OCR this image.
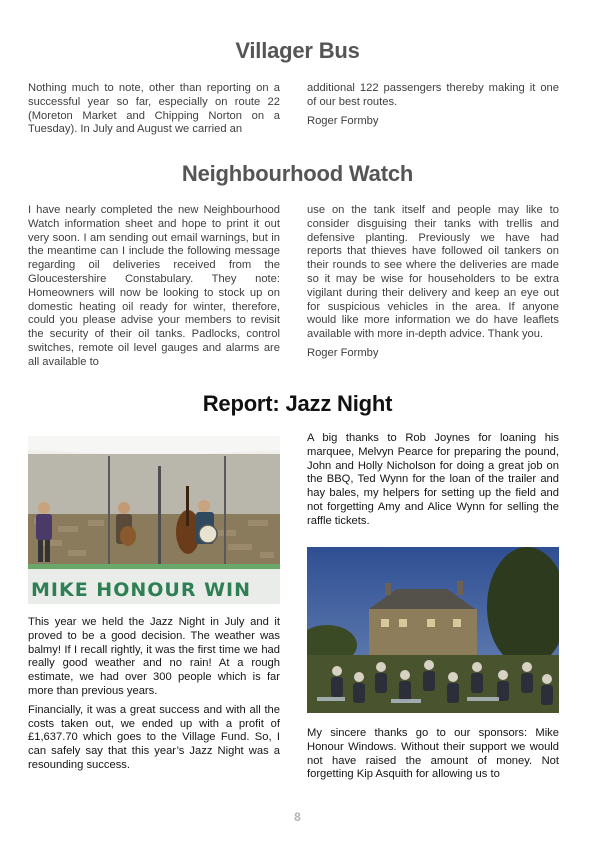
Villager Bus

Nothing much to note, other than reporting on a successful year so far, especially on route 22 (Moreton Market and Chipping Norton on a Tuesday). In July and August we carried an

additional 122 passengers thereby making it one of our best routes.

Roger Formby

Neighbourhood Watch

I have nearly completed the new Neighbourhood Watch information sheet and hope to print it out very soon. I am sending out email warnings, but in the meantime can I include the following message regarding oil deliveries received from the Gloucestershire Constabulary. They note: Homeowners will now be looking to stock up on domestic heating oil ready for winter, therefore, could you please advise your members to revisit the security of their oil tanks. Padlocks, control switches, remote oil level gauges and alarms are all available to

use on the tank itself and people may like to consider disguising their tanks with trellis and defensive planting. Previously we have had reports that thieves have followed oil tankers on their rounds to see where the deliveries are made so it may be wise for householders to be extra vigilant during their delivery and keep an eye out for suspicious vehicles in the area. If anyone would like more information we do have leaflets available with more in-depth advice. Thank you.

Roger Formby

Report: Jazz Night
MIKE HONOUR WIN

This year we held the Jazz Night in July and it proved to be a good decision. The weather was balmy! If I recall rightly, it was the first time we had really good weather and no rain! At a rough estimate, we had over 300 people which is far more than previous years.

Financially, it was a great success and with all the costs taken out, we ended up with a profit of £1,637.70 which goes to the Village Fund. So, I can safely say that this year’s Jazz Night was a resounding success.

A big thanks to Rob Joynes for loaning his marquee, Melvyn Pearce for preparing the pound, John and Holly Nicholson for doing a great job on the BBQ, Ted Wynn for the loan of the trailer and hay bales, my helpers for setting up the field and not forgetting Amy and Alice Wynn for selling the raffle tickets.

My sincere thanks go to our sponsors: Mike Honour Windows. Without their support we would not have raised the amount of money. Not forgetting Kip Asquith for allowing us to

8
